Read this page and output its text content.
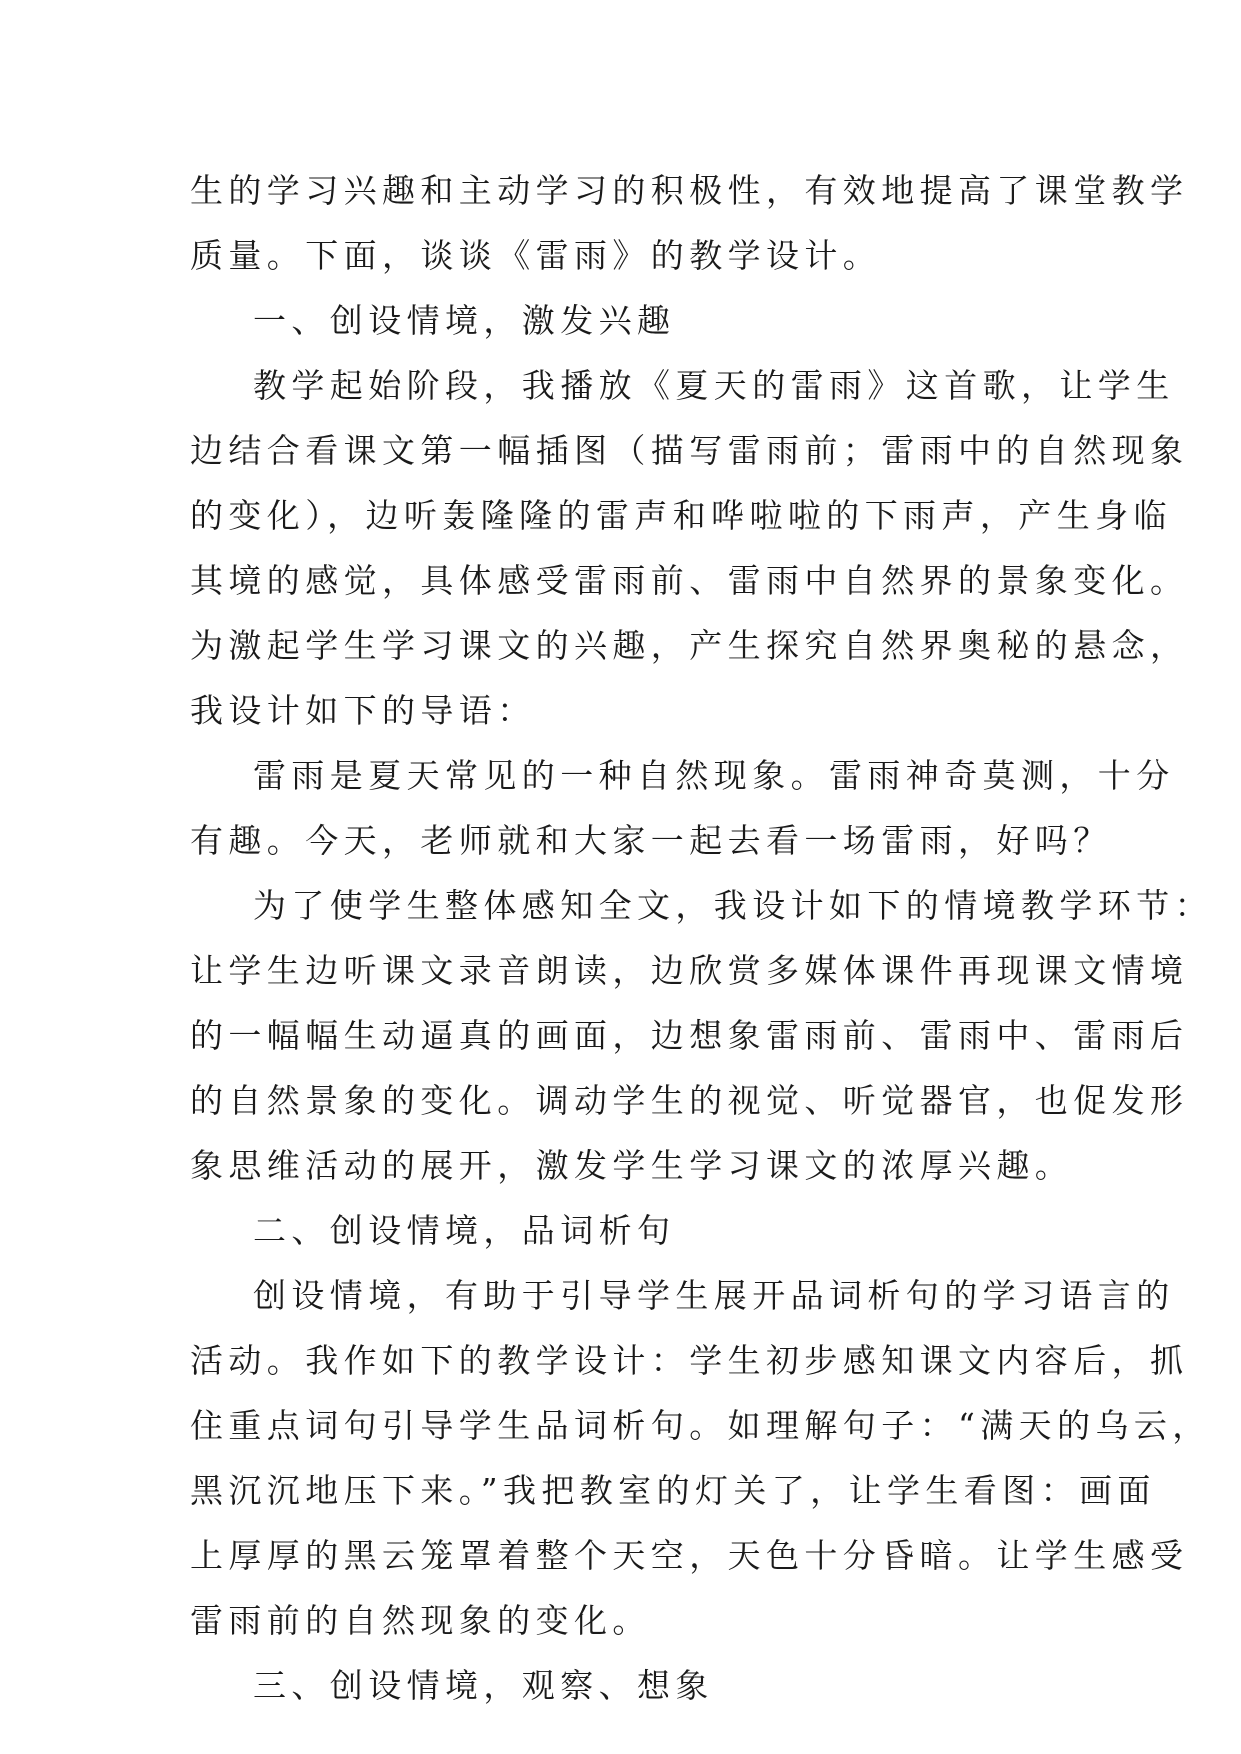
生的学习兴趣和主动学习的积极性，有效地提高了课堂教学
质量。下面，谈谈《雷雨》的教学设计。
一、创设情境，激发兴趣
教学起始阶段，我播放《夏天的雷雨》这首歌，让学生
边结合看课文第一幅插图（描写雷雨前；雷雨中的自然现象
的变化），边听轰隆隆的雷声和哗啦啦的下雨声，产生身临
其境的感觉，具体感受雷雨前、雷雨中自然界的景象变化。
为激起学生学习课文的兴趣，产生探究自然界奥秘的悬念，
我设计如下的导语：
雷雨是夏天常见的一种自然现象。雷雨神奇莫测，十分
有趣。今天，老师就和大家一起去看一场雷雨，好吗？
为了使学生整体感知全文，我设计如下的情境教学环节：
让学生边听课文录音朗读，边欣赏多媒体课件再现课文情境
的一幅幅生动逼真的画面，边想象雷雨前、雷雨中、雷雨后
的自然景象的变化。调动学生的视觉、听觉器官，也促发形
象思维活动的展开，激发学生学习课文的浓厚兴趣。
二、创设情境，品词析句
创设情境，有助于引导学生展开品词析句的学习语言的
活动。我作如下的教学设计：学生初步感知课文内容后，抓
住重点词句引导学生品词析句。如理解句子：“满天的乌云，
黑沉沉地压下来。”我把教室的灯关了，让学生看图：画面
上厚厚的黑云笼罩着整个天空，天色十分昏暗。让学生感受
雷雨前的自然现象的变化。
三、创设情境，观察、想象
